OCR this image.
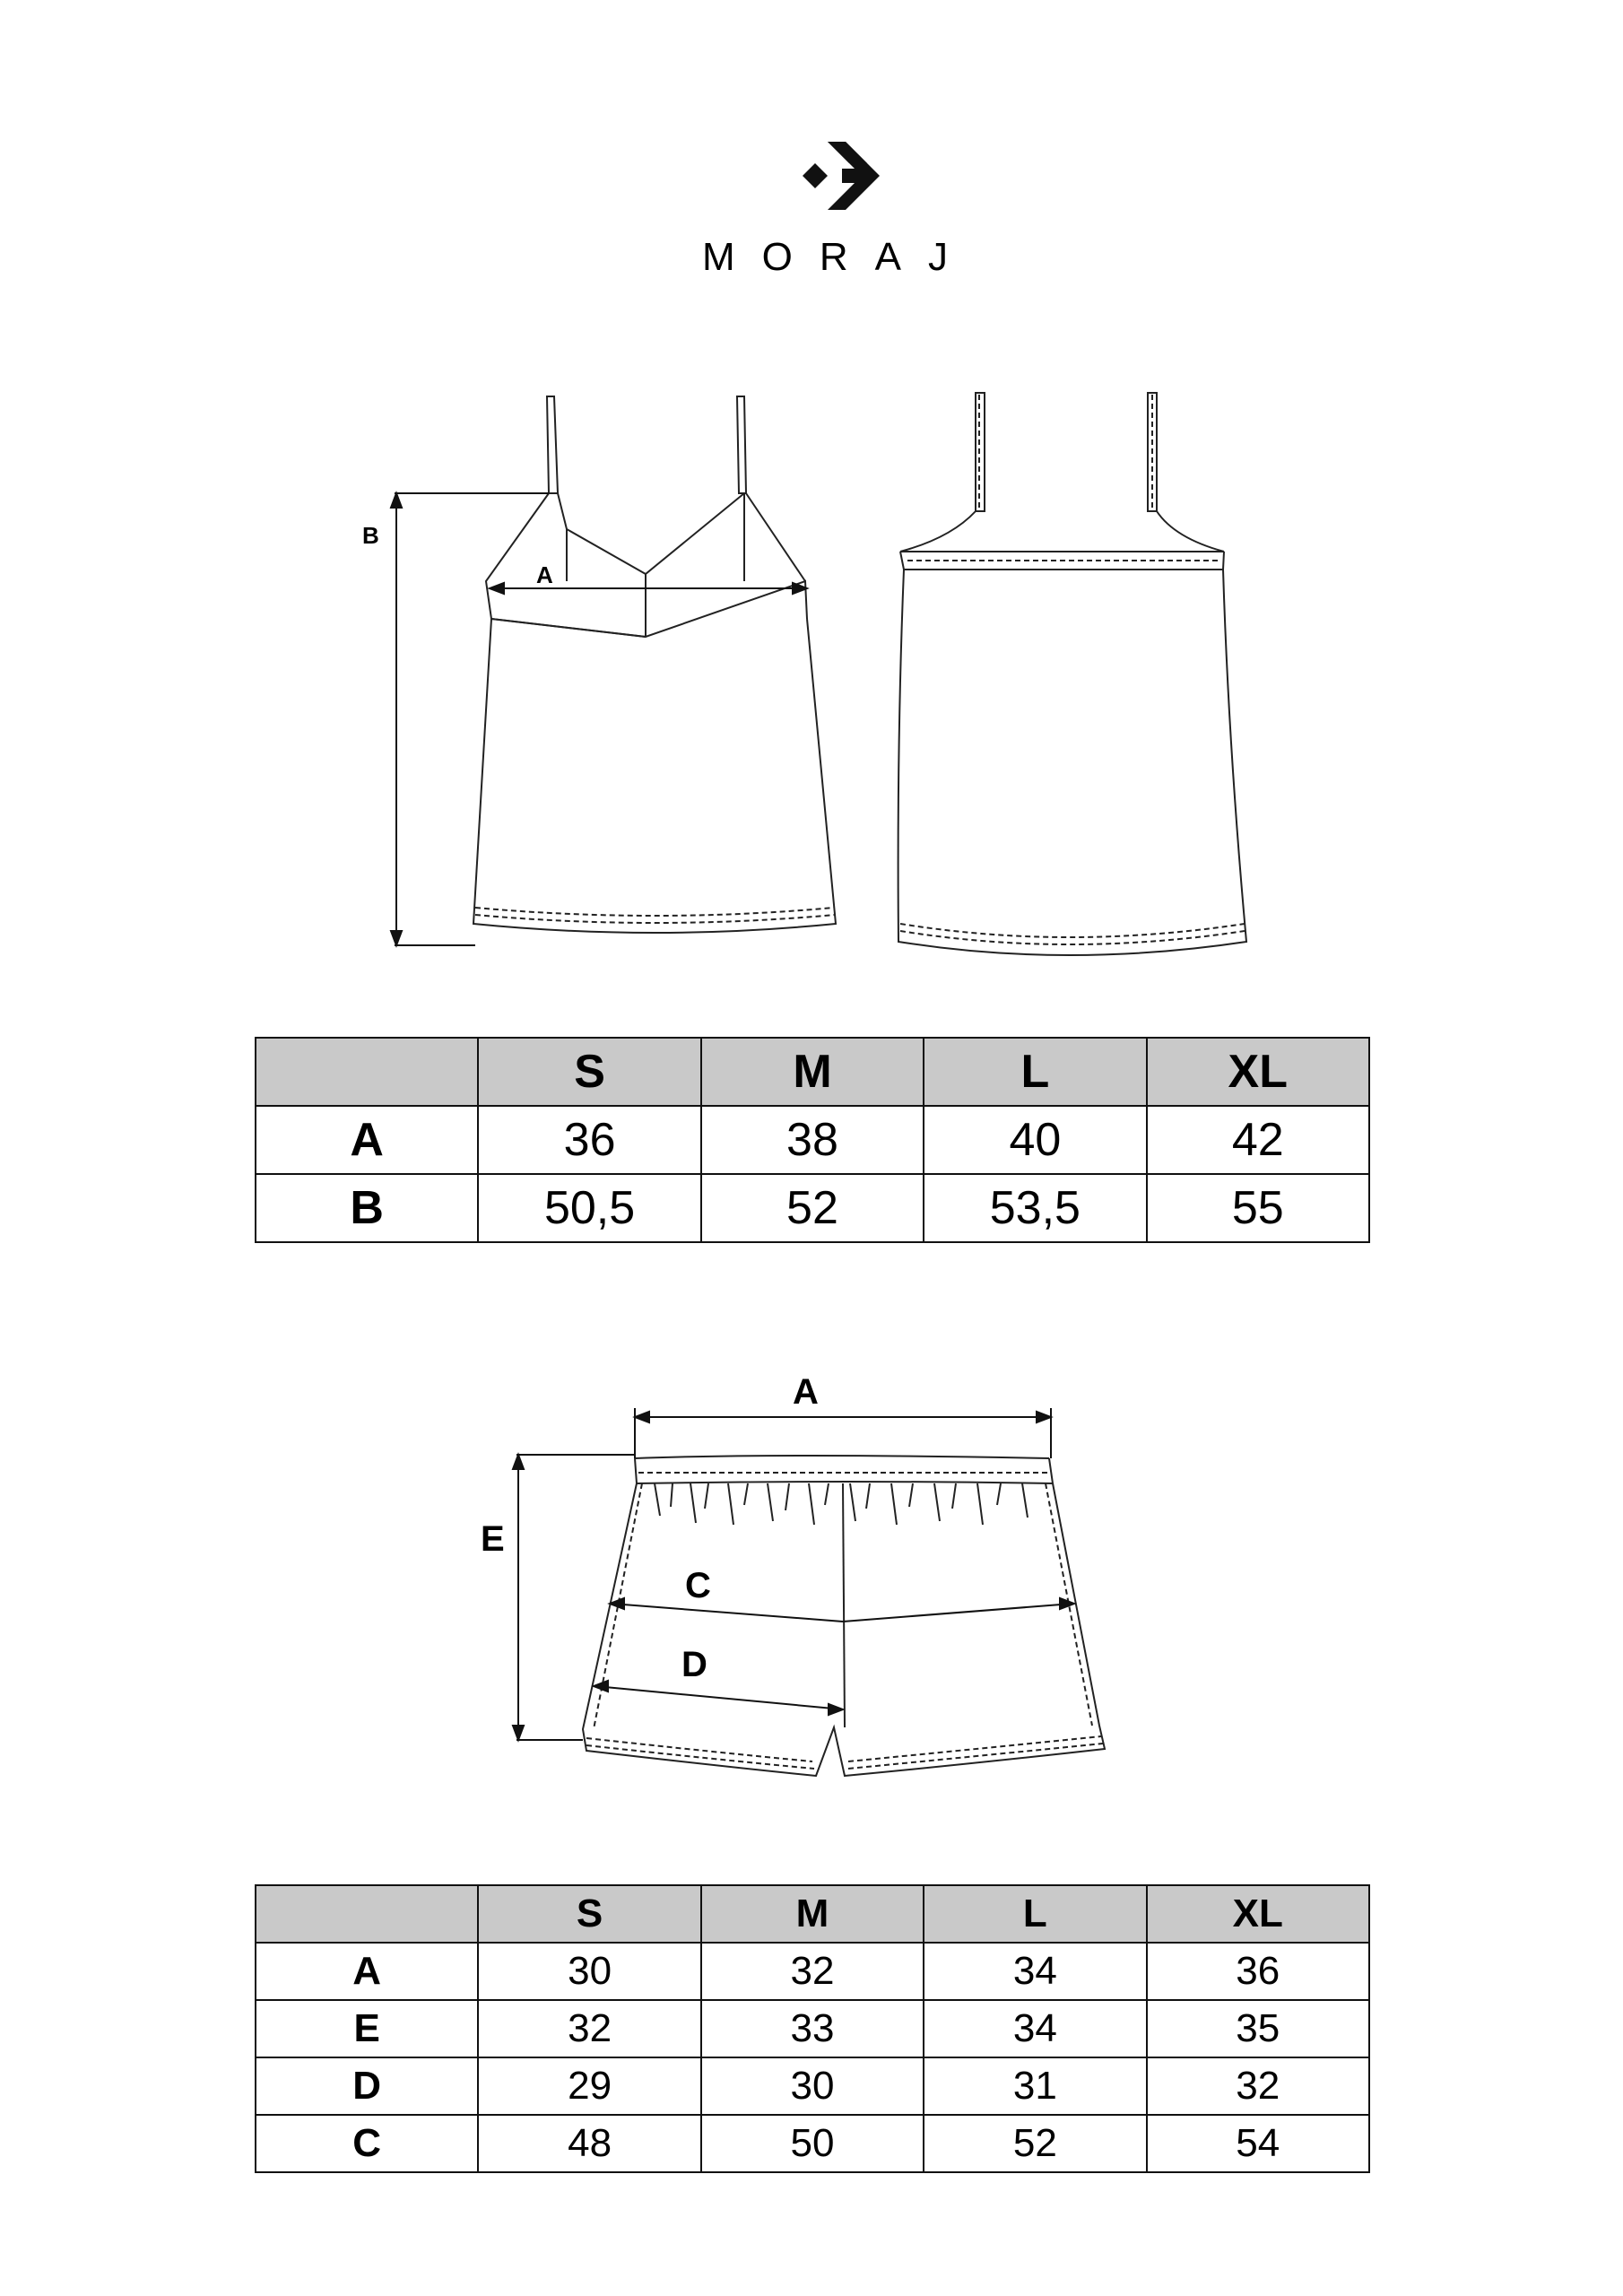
MORAJ
B
A
	S	M	L	XL
A	36	38	40	42
B	50,5	52	53,5	55
A
E
C
D
	S	M	L	XL
A	30	32	34	36
E	32	33	34	35
D	29	30	31	32
C	48	50	52	54
